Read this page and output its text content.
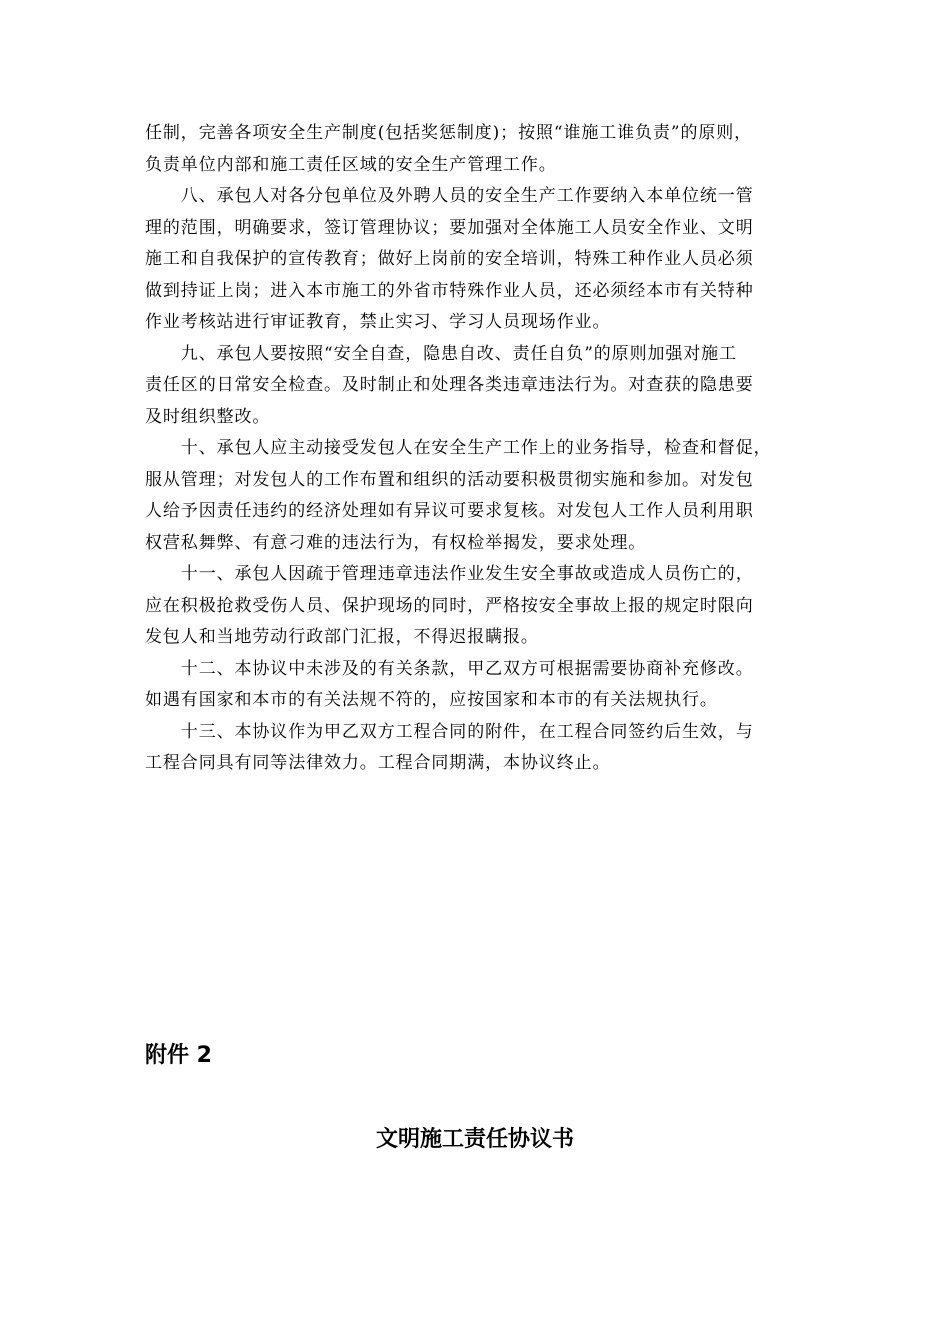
任制，完善各项安全生产制度(包括奖惩制度)；按照“谁施工谁负责”的原则，
负责单位内部和施工责任区域的安全生产管理工作。

　　八、承包人对各分包单位及外聘人员的安全生产工作要纳入本单位统一管
理的范围，明确要求，签订管理协议；要加强对全体施工人员安全作业、文明
施工和自我保护的宣传教育；做好上岗前的安全培训，特殊工种作业人员必须
做到持证上岗；进入本市施工的外省市特殊作业人员，还必须经本市有关特种
作业考核站进行审证教育，禁止实习、学习人员现场作业。

　　九、承包人要按照“安全自查，隐患自改、责任自负”的原则加强对施工
责任区的日常安全检查。及时制止和处理各类违章违法行为。对查获的隐患要
及时组织整改。

　　十、承包人应主动接受发包人在安全生产工作上的业务指导，检查和督促，
服从管理；对发包人的工作布置和组织的活动要积极贯彻实施和参加。对发包
人给予因责任违约的经济处理如有异议可要求复核。对发包人工作人员利用职
权营私舞弊、有意刁难的违法行为，有权检举揭发，要求处理。

　　十一、承包人因疏于管理违章违法作业发生安全事故或造成人员伤亡的，
应在积极抢救受伤人员、保护现场的同时，严格按安全事故上报的规定时限向
发包人和当地劳动行政部门汇报，不得迟报瞒报。

　　十二、本协议中未涉及的有关条款，甲乙双方可根据需要协商补充修改。
如遇有国家和本市的有关法规不符的，应按国家和本市的有关法规执行。

　　十三、本协议作为甲乙双方工程合同的附件，在工程合同签约后生效，与
工程合同具有同等法律效力。工程合同期满，本协议终止。

附件 2
文明施工责任协议书
